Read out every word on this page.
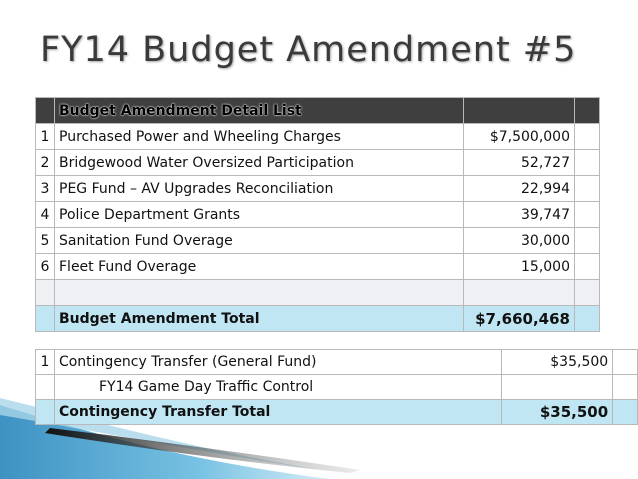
FY14 Budget Amendment #5
	Budget Amendment Detail List		
1	Purchased Power and Wheeling Charges	$7,500,000	
2	Bridgewood Water Oversized Participation	52,727	
3	PEG Fund – AV Upgrades Reconciliation	22,994	
4	Police Department Grants	39,747	
5	Sanitation Fund Overage	30,000	
6	Fleet Fund Overage	15,000	

	Budget Amendment Total	$7,660,468	
1	Contingency Transfer (General Fund)	$35,500	
	FY14 Game Day Traffic Control		
	Contingency Transfer Total	$35,500	
